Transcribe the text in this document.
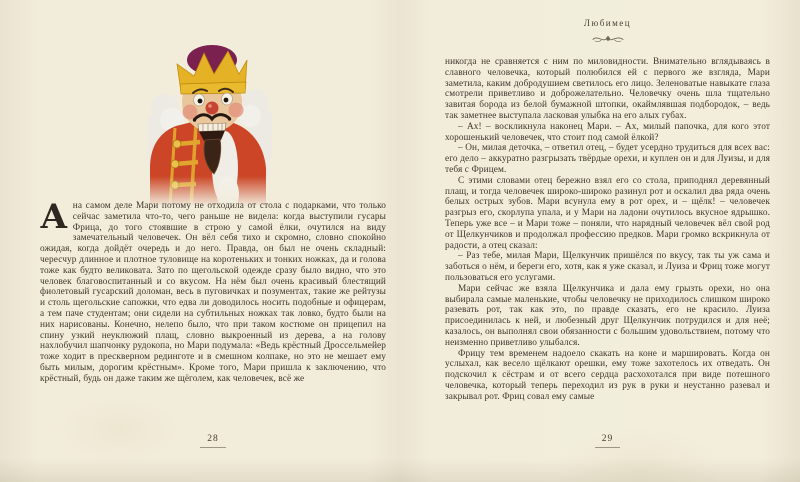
Ана самом деле Мари потому не отходила от стола с подарками, что только сейчас заметила что-то, чего раньше не видела: когда выступили гусары Фрица, до того стоявшие в строю у самой ёлки, очутился на виду замечательный человечек. Он вёл себя тихо и скромно, словно спокойно ожидая, когда дойдёт очередь и до него. Правда, он был не очень складный: чересчур длинное и плотное туловище на коротеньких и тонких ножках, да и голова тоже как будто великовата. Зато по щегольской одежде сразу было видно, что это человек благовоспитанный и со вкусом. На нём был очень красивый блестящий фиолетовый гусарский доломан, весь в пуговичках и позументах, такие же рейтузы и столь щегольские сапожки, что едва ли доводилось носить подобные и офицерам, а тем паче студентам; они сидели на субтильных ножках так ловко, будто были на них нарисованы. Конечно, нелепо было, что при таком костюме он прицепил на спину узкий неуклюжий плащ, словно выкроенный из дерева, а на голову нахлобучил шапчонку рудокопа, но Мари подумала: «Ведь крёстный Дроссельмейер тоже ходит в прескверном рединготе и в смешном колпаке, но это не мешает ему быть милым, дорогим крёстным». Кроме того, Мари пришла к заключению, что крёстный, будь он даже таким же щёголем, как человечек, всё же

28
Любимец

никогда не сравняется с ним по миловидности. Внимательно вглядываясь в славного человечка, который полюбился ей с первого же взгляда, Мари заметила, каким добродушием светилось его лицо. Зеленоватые навыкате глаза смотрели приветливо и доброжелательно. Человечку очень шла тщательно завитая борода из белой бумажной штопки, окаймлявшая подбородок, – ведь так заметнее выступала ласковая улыбка на его алых губах.

– Ах! – воскликнула наконец Мари. – Ах, милый папочка, для кого этот хорошенький человечек, что стоит под самой ёлкой?

– Он, милая деточка, – ответил отец, – будет усердно трудиться для всех вас: его дело – аккуратно разгрызать твёрдые орехи, и куплен он и для Луизы, и для тебя с Фрицем.

С этими словами отец бережно взял его со стола, приподнял деревянный плащ, и тогда человечек широко-широко разинул рот и оскалил два ряда очень белых острых зубов. Мари всунула ему в рот орех, и – щёлк! – человечек разгрыз его, скорлупа упала, и у Мари на ладони очутилось вкусное ядрышко. Теперь уже все – и Мари тоже – поняли, что нарядный человечек вёл свой род от Щелкунчиков и продолжал профессию предков. Мари громко вскрикнула от радости, а отец сказал:

– Раз тебе, милая Мари, Щелкунчик пришёлся по вкусу, так ты уж сама и заботься о нём, и береги его, хотя, как я уже сказал, и Луиза и Фриц тоже могут пользоваться его услугами.

Мари сейчас же взяла Щелкунчика и дала ему грызть орехи, но она выбирала самые маленькие, чтобы человечку не приходилось слишком широко разевать рот, так как это, по правде сказать, его не красило. Луиза присоединилась к ней, и любезный друг Щелкунчик потрудился и для неё; казалось, он выполнял свои обязанности с большим удовольствием, потому что неизменно приветливо улыбался.

Фрицу тем временем надоело скакать на коне и маршировать. Когда он услыхал, как весело щёлкают орешки, ему тоже захотелось их отведать. Он подскочил к сёстрам и от всего сердца расхохотался при виде потешного человечка, который теперь переходил из рук в руки и неустанно разевал и закрывал рот. Фриц совал ему самые

29
